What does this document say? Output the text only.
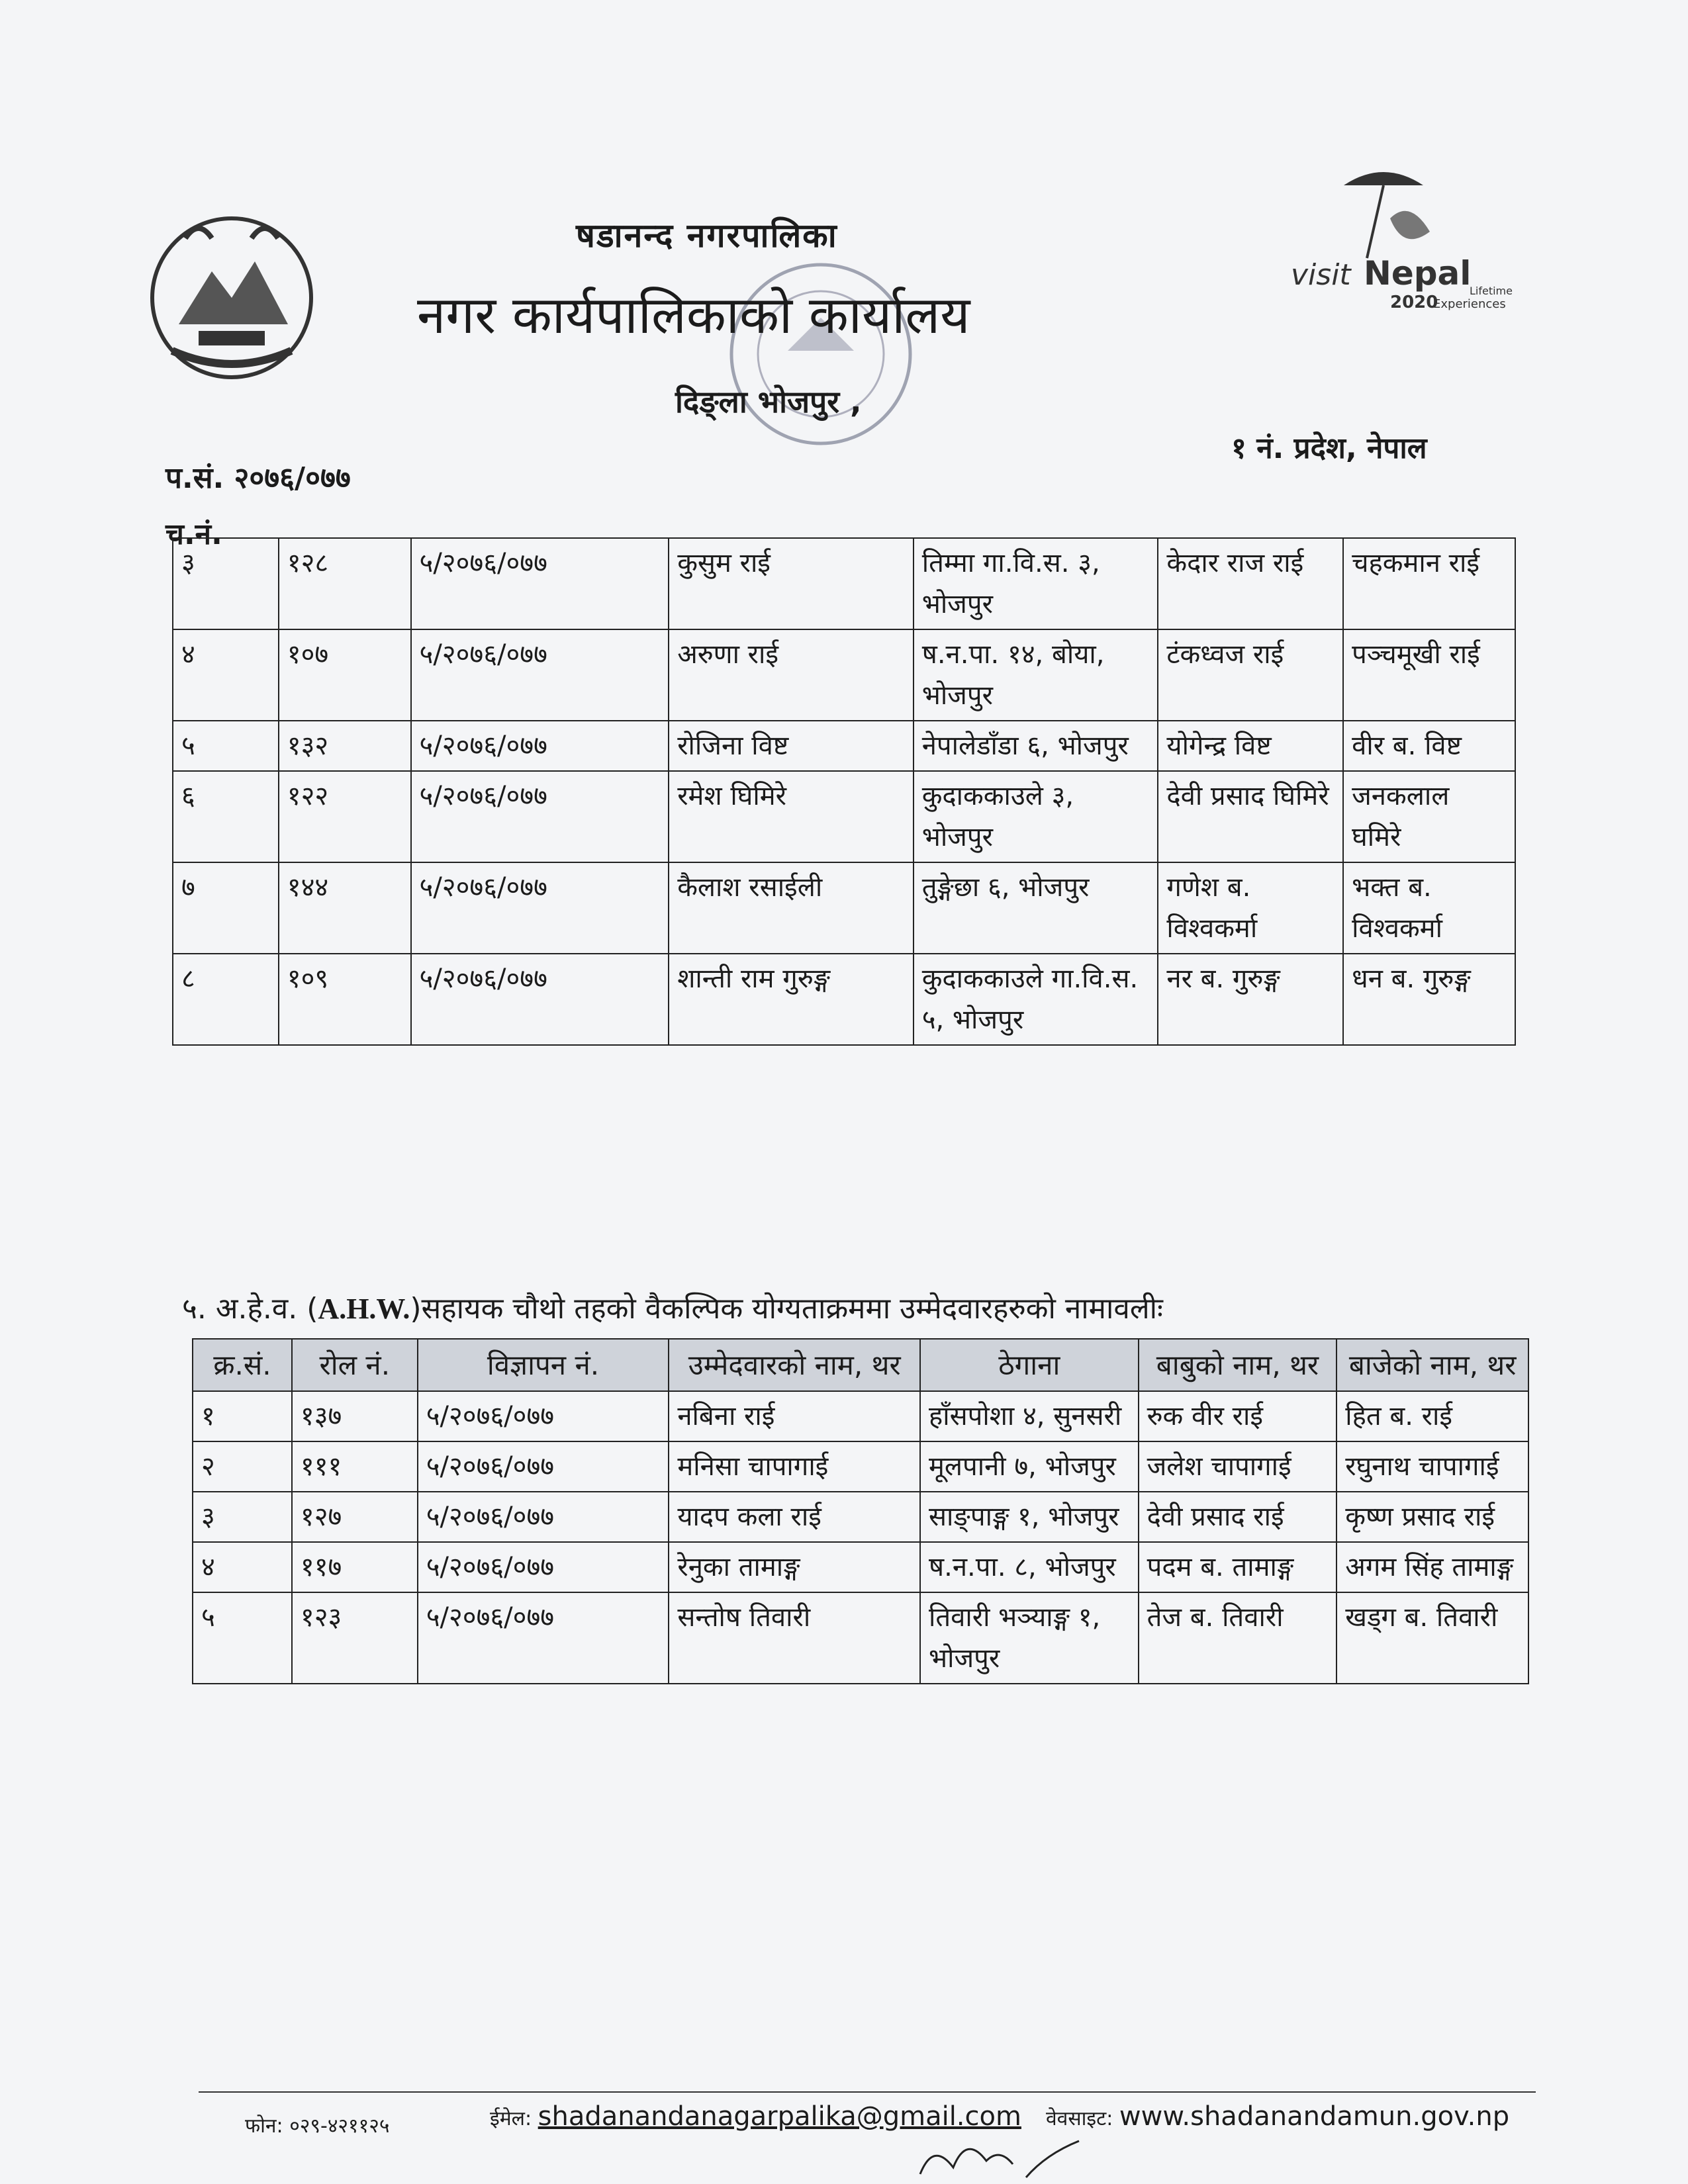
visit Nepal
2020
Experiences
Lifetime
षडानन्द नगरपालिका
नगर कार्यपालिकाको कार्यालय
दिङ्ला भोजपुर ,
१ नं. प्रदेश, नेपाल
प.सं. २०७६/०७७
च.नं.
३	१२८	५/२०७६/०७७	कुसुम राई	तिम्मा गा.वि.स. ३, भोजपुर	केदार राज राई	चहकमान राई
४	१०७	५/२०७६/०७७	अरुणा राई	ष.न.पा. १४, बोया, भोजपुर	टंकध्वज राई	पञ्चमूखी राई
५	१३२	५/२०७६/०७७	रोजिना विष्ट	नेपालेडाँडा ६, भोजपुर	योगेन्द्र विष्ट	वीर ब. विष्ट
६	१२२	५/२०७६/०७७	रमेश घिमिरे	कुदाककाउले ३, भोजपुर	देवी प्रसाद घिमिरे	जनकलाल घमिरे
७	१४४	५/२०७६/०७७	कैलाश रसाईली	तुङ्गेछा ६, भोजपुर	गणेश ब. विश्वकर्मा	भक्त ब. विश्वकर्मा
८	१०९	५/२०७६/०७७	शान्ती राम गुरुङ्ग	कुदाककाउले गा.वि.स. ५, भोजपुर	नर ब. गुरुङ्ग	धन ब. गुरुङ्ग
५. अ.हे.व. (A.H.W.)सहायक चौथो तहको वैकल्पिक योग्यताक्रममा उम्मेदवारहरुको नामावलीः
क्र.सं.	रोल नं.	विज्ञापन नं.	उम्मेदवारको नाम, थर	ठेगाना	बाबुको नाम, थर	बाजेको नाम, थर
१	१३७	५/२०७६/०७७	नबिना राई	हाँसपोशा ४, सुनसरी	रुक वीर राई	हित ब. राई
२	१११	५/२०७६/०७७	मनिसा चापागाई	मूलपानी ७, भोजपुर	जलेश चापागाई	रघुनाथ चापागाई
३	१२७	५/२०७६/०७७	यादप कला राई	साङ्पाङ्ग १, भोजपुर	देवी प्रसाद राई	कृष्ण प्रसाद राई
४	११७	५/२०७६/०७७	रेनुका तामाङ्ग	ष.न.पा. ८, भोजपुर	पदम ब. तामाङ्ग	अगम सिंह तामाङ्ग
५	१२३	५/२०७६/०७७	सन्तोष तिवारी	तिवारी भञ्याङ्ग १, भोजपुर	तेज ब. तिवारी	खड्ग ब. तिवारी
फोन: ०२९-४२११२५	ईमेल: shadanandanagarpalika@gmail.com वेवसाइट: www.shadanandamun.gov.np
